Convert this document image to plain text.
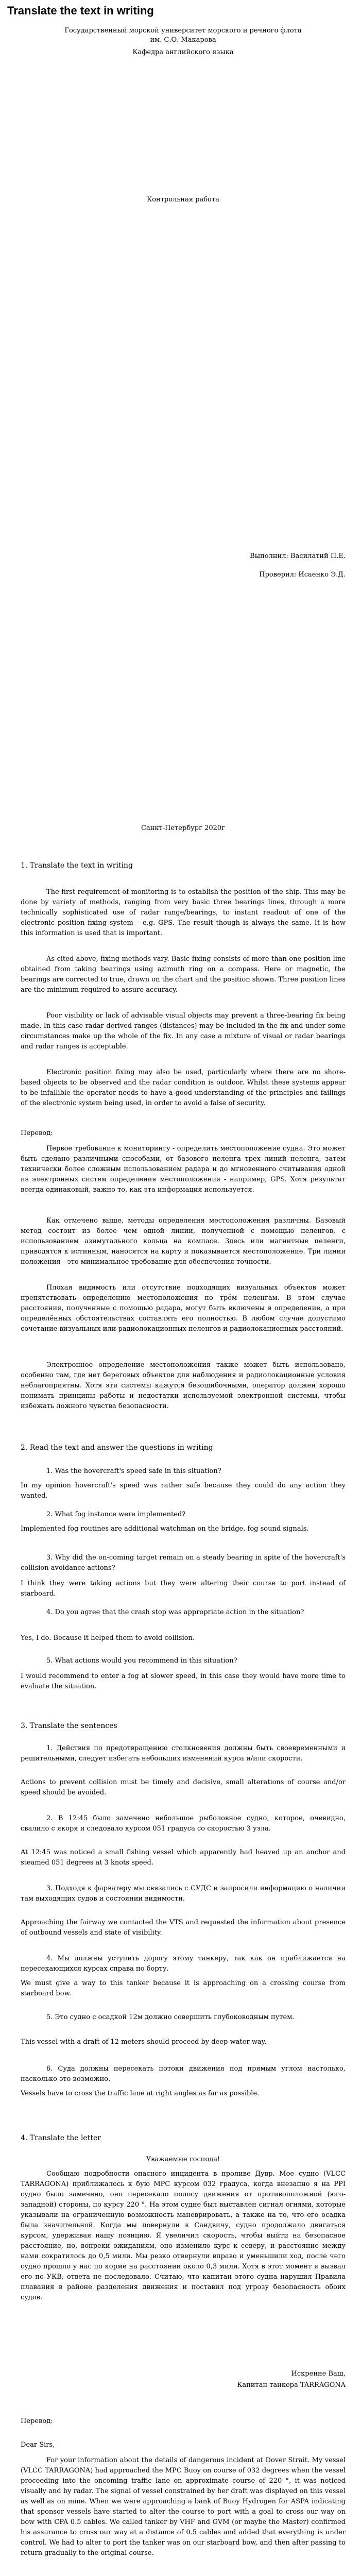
Translate the text in writing
Государственный морской университет морского и речного флота
им. С.О. Макарова
Кафедра английского языка
Контрольная работа
Выполнил: Василатий П.Е.
Проверил: Исаенко Э.Д.
Санкт-Петербург 2020г
1. Translate the text in writing

The first requirement of monitoring is to establish the position of the ship. This may be done by variety of methods, ranging from very basic three bearings lines, through a more technically sophisticated use of radar range/bearings, to instant readout of one of the electronic position fixing system – e.g. GPS. The result though is always the same. It is how this information is used that is important.

As cited above, fixing methods vary. Basic fixing consists of more than one position line obtained from taking bearings using azimuth ring on a compass. Here or magnetic, the bearings are corrected to true, drawn on the chart and the position shown. Three position lines are the minimum required to assure accuracy.

Poor visibility or lack of advisable visual objects may prevent a three-bearing fix being made. In this case radar derived ranges (distances) may be included in the fix and under some circumstances make up the whole of the fix. In any case a mixture of visual or radar bearings and radar ranges is acceptable.

Electronic position fixing may also be used, particularly where there are no shore-based objects to be observed and the radar condition is outdoor. Whilst these systems appear to be infallible the operator needs to have a good understanding of the principles and failings of the electronic system being used, in order to avoid a false of security.

Перевод:

Первое требование к мониторингу - определить местоположение судна. Это может быть сделано различными способами, от базового пеленга трех линий пеленга, затем технически более сложным использованием радара и до мгновенного считывания одной из электронных систем определения местоположения - например, GPS. Хотя результат всегда одинаковый, важно то, как эта информация используется.

Как отмечено выше, методы определения местоположения различны. Базовый метод состоит из более чем одной линии, полученной с помощью пеленгов, с использованием азимутального кольца на компасе. Здесь или магнитные пеленги, приводятся к истинным, наносятся на карту и показывается местоположение. Три линии положения - это минимальное требование для обеспечения точности.

Плохая видимость или отсутствие подходящих визуальных объектов может препятствовать определению местоположения по трём пеленгам. В этом случае расстояния, полученные с помощью радара, могут быть включены в определение, а при определённых обстоятельствах составлять его полностью. В любом случае допустимо сочетание визуальных или радиолокационных пеленгов и радиолокационных расстояний.

Электронное определение местоположения также может быть использовано, особенно там, где нет береговых объектов для наблюдения и радиолокационные условия неблагоприятны. Хотя эти системы кажутся безошибочными, оператор должен хорошо понимать принципы работы и недостатки используемой электронной системы, чтобы избежать ложного чувства безопасности.

2. Read the text and answer the questions in writing

1. Was the hovercraft's speed safe in this situation?

In my opinion hovercraft's speed was rather safe because they could do any action they wanted.

2. What fog instance were implemented?

Implemented fog routines are additional watchman on the bridge, fog sound signals.

3. Why did the on-coming target remain on a steady bearing in spite of the hovercraft's collision avoidance actions?

I think they were taking actions but they were altering their course to port instead of starboard.

4. Do you agree that the crash stop was appropriate action in the situation?

Yes, I do. Because it helped them to avoid collision.

5. What actions would you recommend in this situation?

I would recommend to enter a fog at slower speed, in this case they would have more time to evaluate the situation.

3. Translate the sentences

1. Действия по предотвращению столкновения должны быть своевременными и решительными, следует избегать небольших изменений курса и/или скорости.

Actions to prevent collision must be timely and decisive, small alterations of course and/or speed should be avoided.

2. В 12:45 было замечено небольшое рыболовное судно, которое, очевидно, свалило с якоря и следовало курсом 051 градуса со скоростью 3 узла.

At 12:45 was noticed a small fishing vessel which apparently had heaved up an anchor and steamed 051 degrees at 3 knots speed.

3. Подходя к фарватеру мы связались с СУДС и запросили информацию о наличии там выходящих судов и состоянии видимости.

Approaching the fairway we contacted the VTS and requested the information about presence of outbound vessels and state of visibility.

4. Мы должны уступить дорогу этому танкеру, так как он приближается на пересекающихся курсах справа по борту.

We must give a way to this tanker because it is approaching on a crossing course from starboard bow.

5. Это судно с осадкой 12м должно совершить глубоководным путем.

This vessel with a draft of 12 meters should proceed by deep-water way.

6. Суда должны пересекать потоки движения под прямым углом настолько, насколько это возможно.

Vessels have to cross the traffic lane at right angles as far as possible.

4. Translate the letter
Уважаемые господа!

Сообщаю подробности опасного инцидента в проливе Дувр. Мое судно (VLCC TARRAGONA) приближалось к бую МРС курсом 032 градуса, когда внезапно я на PPI судно было замечено, оно пересекало полосу движения от противоположной (юго-западной) стороны, по курсу 220 °. На этом судне был выставлен сигнал огнями, которые указывали на ограниченную возможность маневрировать, а также на то, что его осадка была значительной. Когда мы повернули к Сандвичу, судно продолжало двигаться курсом, удерживая нашу позицию. Я увеличил скорость, чтобы выйти на безопасное расстояние, но, вопреки ожиданиям, оно изменило курс к северу, и расстояние между нами сократилось до 0,5 мили. Мы резко отвернули вправо и уменьшили ход, после чего судно прошло у нас по корме на расстоянии около 0,3 мили. Хотя в этот момент я вызвал его по УКВ, ответа не последовало. Считаю, что капитан этого судна нарушил Правила плавания в районе разделения движения и поставил под угрозу безопасность обоих судов.

Искренне Ваш,
Капитан танкера TARRAGONA
Перевод:
Dear Sirs,

For your information about the details of dangerous incident at Dover Strait. My vessel (VLCC TARRAGONA) had approached the MPC Buoy on course of 032 degrees when the vessel proceeding into the oncoming traffic lane on approximate course of 220 °, it was noticed visually and by radar. The signal of vessel constrained by her draft was displayed on this vessel as well as on mine. When we were approaching a bank of Buoy Hydrogen for ASPA indicating that sponsor vessels have started to alter the course to port with a goal to cross our way on bow with CPA 0.5 cables. We called tanker by VHF and GVM (or maybe the Master) confirmed his assurance to cross our way at a distance of 0.5 cables and added that everything is under control. We had to alter to port the tanker was on our starboard bow, and then after passing to return gradually to the original course.
